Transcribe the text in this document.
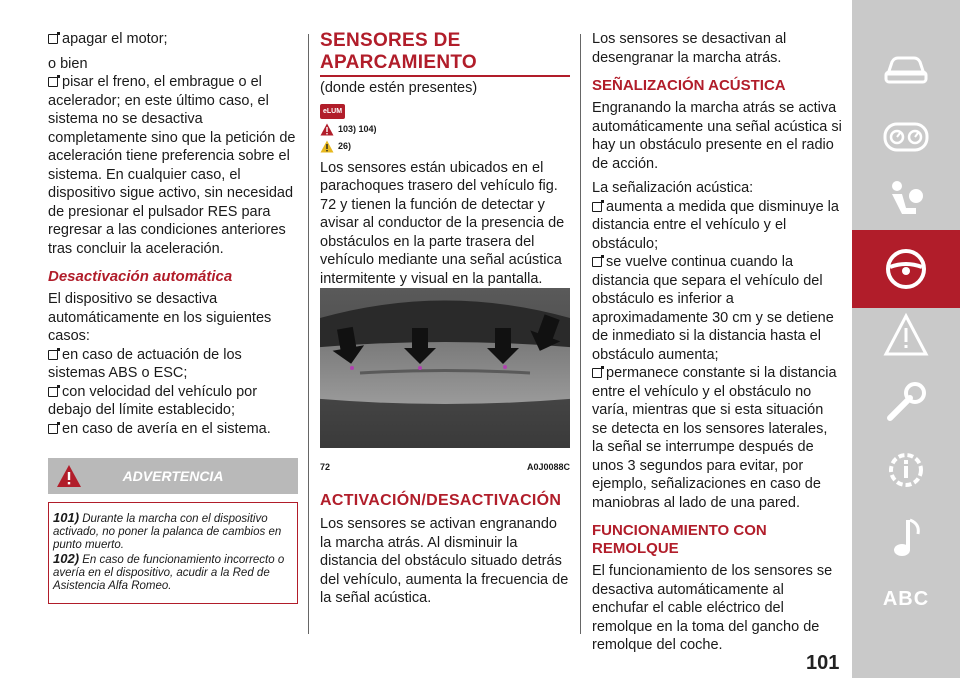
apagar el motor;

o bien

pisar el freno, el embrague o el acelerador; en este último caso, el sistema no se desactiva completamente sino que la petición de aceleración tiene preferencia sobre el sistema. En cualquier caso, el dispositivo sigue activo, sin necesidad de presionar el pulsador RES para regresar a las condiciones anteriores tras concluir la aceleración.
Desactivación automática

El dispositivo se desactiva automáticamente en los siguientes casos:

en caso de actuación de los sistemas ABS o ESC;
con velocidad del vehículo por debajo del límite establecido;
en caso de avería en el sistema.
ADVERTENCIA
101) Durante la marcha con el dispositivo activado, no poner la palanca de cambios en punto muerto.
102) En caso de funcionamiento incorrecto o avería en el dispositivo, acudir a la Red de Asistencia Alfa Romeo.
SENSORES DE APARCAMIENTO

(donde estén presentes)

eLUM
103) 104)
26)

Los sensores están ubicados en el parachoques trasero del vehículo fig. 72 y tienen la función de detectar y avisar al conductor de la presencia de obstáculos en la parte trasera del vehículo mediante una señal acústica intermitente y visual en la pantalla.

72	A0J0088C
ACTIVACIÓN/DESACTIVACIÓN

Los sensores se activan engranando la marcha atrás. Al disminuir la distancia del obstáculo situado detrás del vehículo, aumenta la frecuencia de la señal acústica.

Los sensores se desactivan al desengranar la marcha atrás.

SEÑALIZACIÓN ACÚSTICA

Engranando la marcha atrás se activa automáticamente una señal acústica si hay un obstáculo presente en el radio de acción.

La señalización acústica:

aumenta a medida que disminuye la distancia entre el vehículo y el obstáculo;
se vuelve continua cuando la distancia que separa el vehículo del obstáculo es inferior a aproximadamente 30 cm y se detiene de inmediato si la distancia hasta el obstáculo aumenta;
permanece constante si la distancia entre el vehículo y el obstáculo no varía, mientras que si esta situación se detecta en los sensores laterales, la señal se interrumpe después de unos 3 segundos para evitar, por ejemplo, señalizaciones en caso de maniobras al lado de una pared.
FUNCIONAMIENTO CON REMOLQUE

El funcionamiento de los sensores se desactiva automáticamente al enchufar el cable eléctrico del remolque en la toma del gancho de remolque del coche.

ABC
101
